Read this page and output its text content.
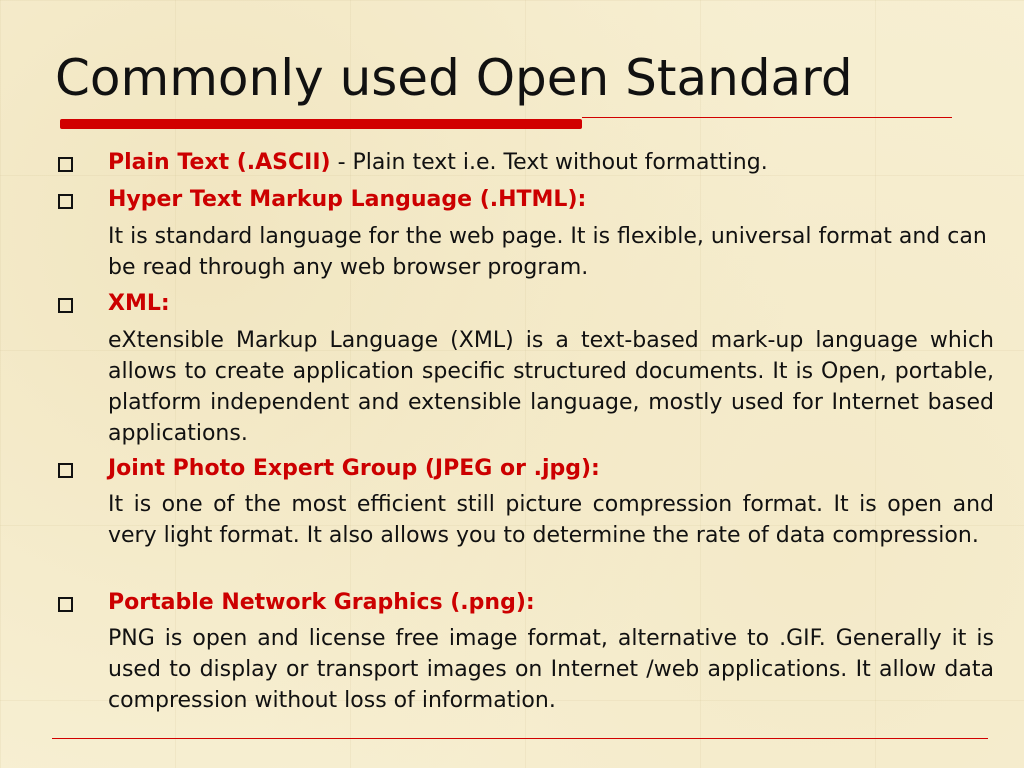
Commonly used Open Standard
Plain Text (.ASCII) - Plain text i.e. Text without formatting.
Hyper Text Markup Language (.HTML):
It is standard language for the web page. It is flexible, universal format and can be read through any web browser program.
XML:
eXtensible Markup Language (XML) is a text-based mark-up language which allows to create application specific structured documents. It is Open, portable, platform independent and extensible language, mostly used for Internet based applications.
Joint Photo Expert Group (JPEG or .jpg):
It is one of the most efficient still picture compression format. It is open and very light format. It also allows you to determine the rate of data compression.
Portable Network Graphics (.png):
PNG is open and license free image format, alternative to .GIF. Generally it is used to display or transport images on Internet /web applications. It allow data compression without loss of information.
